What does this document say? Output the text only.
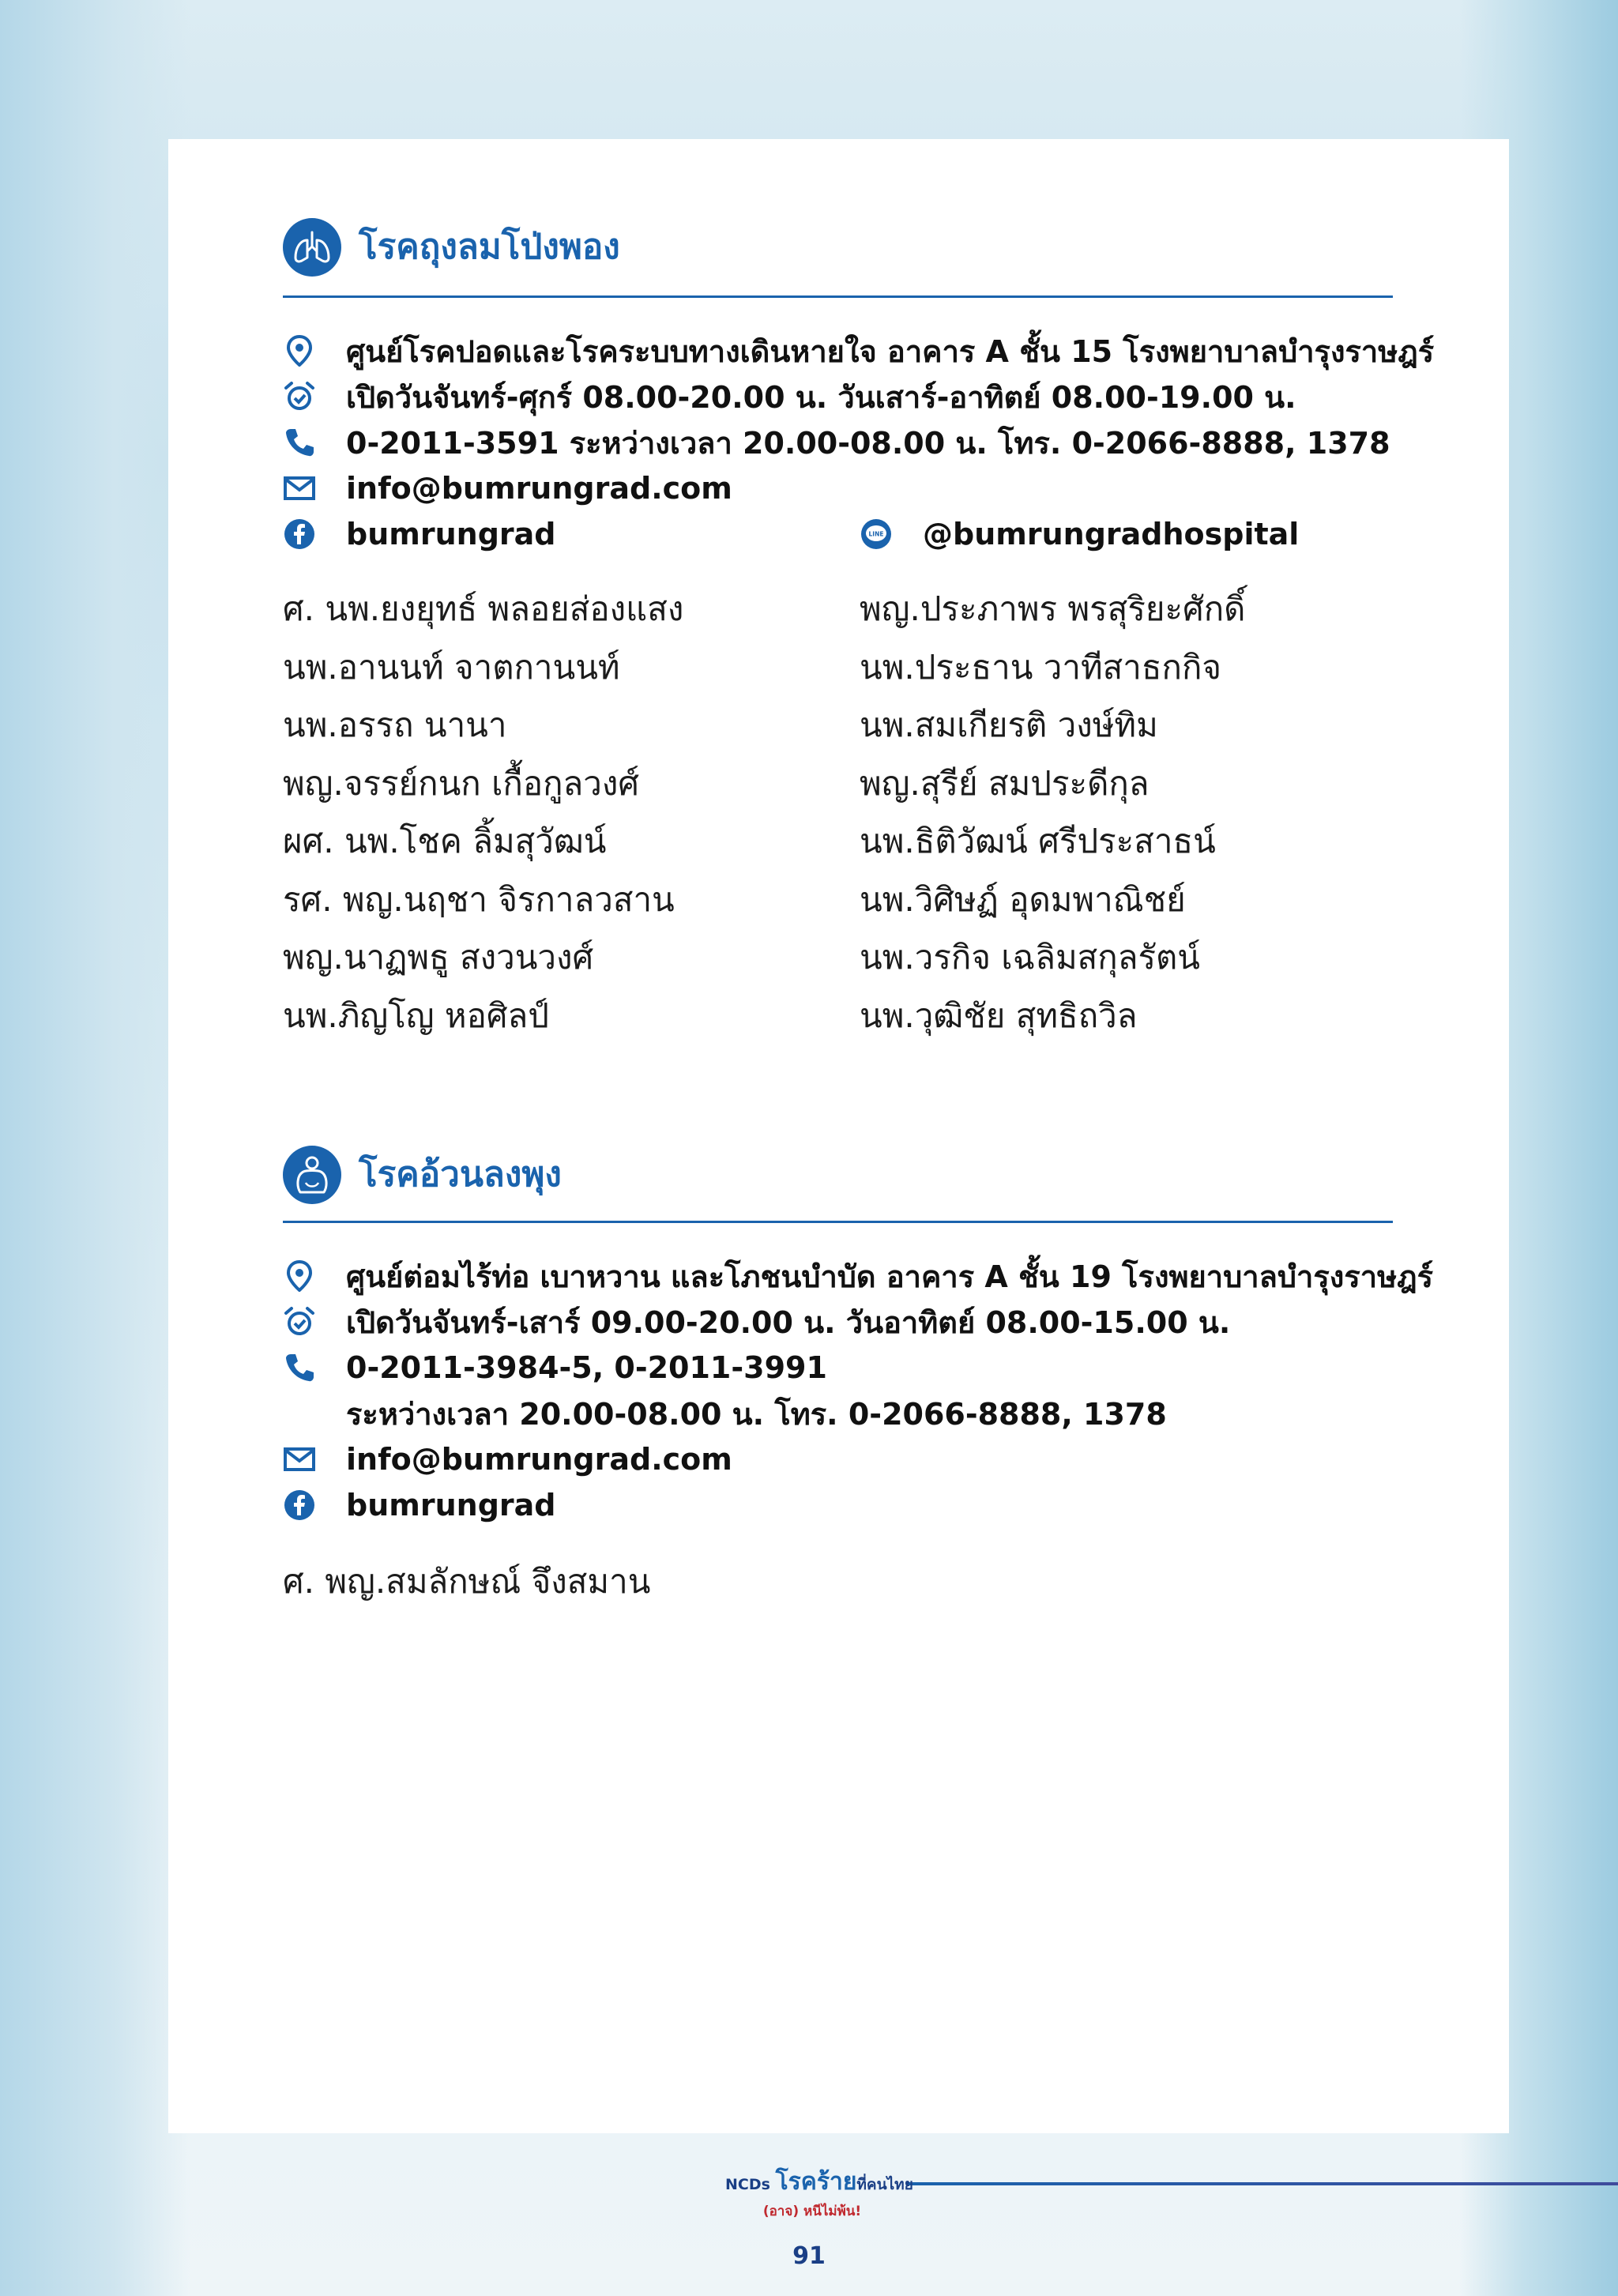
โรคถุงลมโป่งพอง
ศูนย์โรคปอดและโรคระบบทางเดินหายใจ อาคาร A ชั้น 15 โรงพยาบาลบำรุงราษฎร์
เปิดวันจันทร์-ศุกร์ 08.00-20.00 น. วันเสาร์-อาทิตย์ 08.00-19.00 น.
0-2011-3591 ระหว่างเวลา 20.00-08.00 น. โทร. 0-2066-8888, 1378
info@bumrungrad.com
bumrungrad	LINE @bumrungradhospital
ศ. นพ.ยงยุทธ์ พลอยส่องแสง
นพ.อานนท์ จาตกานนท์
นพ.อรรถ นานา
พญ.จรรย์กนก เกื้อกูลวงศ์
ผศ. นพ.โชค ลิ้มสุวัฒน์
รศ. พญ.นฤชา จิรกาลวสาน
พญ.นาฏพธู สงวนวงศ์
นพ.ภิญโญ หอศิลป์
พญ.ประภาพร พรสุริยะศักดิ์
นพ.ประธาน วาทีสาธกกิจ
นพ.สมเกียรติ วงษ์ทิม
พญ.สุรีย์ สมประดีกุล
นพ.ธิติวัฒน์ ศรีประสาธน์
นพ.วิศิษฏ์ อุดมพาณิชย์
นพ.วรกิจ เฉลิมสกุลรัตน์
นพ.วุฒิชัย สุทธิถวิล
โรคอ้วนลงพุง
ศูนย์ต่อมไร้ท่อ เบาหวาน และโภชนบำบัด อาคาร A ชั้น 19 โรงพยาบาลบำรุงราษฎร์
เปิดวันจันทร์-เสาร์ 09.00-20.00 น. วันอาทิตย์ 08.00-15.00 น.
0-2011-3984-5, 0-2011-3991
ระหว่างเวลา 20.00-08.00 น. โทร. 0-2066-8888, 1378
info@bumrungrad.com
bumrungrad
ศ. พญ.สมลักษณ์ จึงสมาน
NCDs โรคร้ายที่คนไทย
(อาจ) หนีไม่พ้น!
91
